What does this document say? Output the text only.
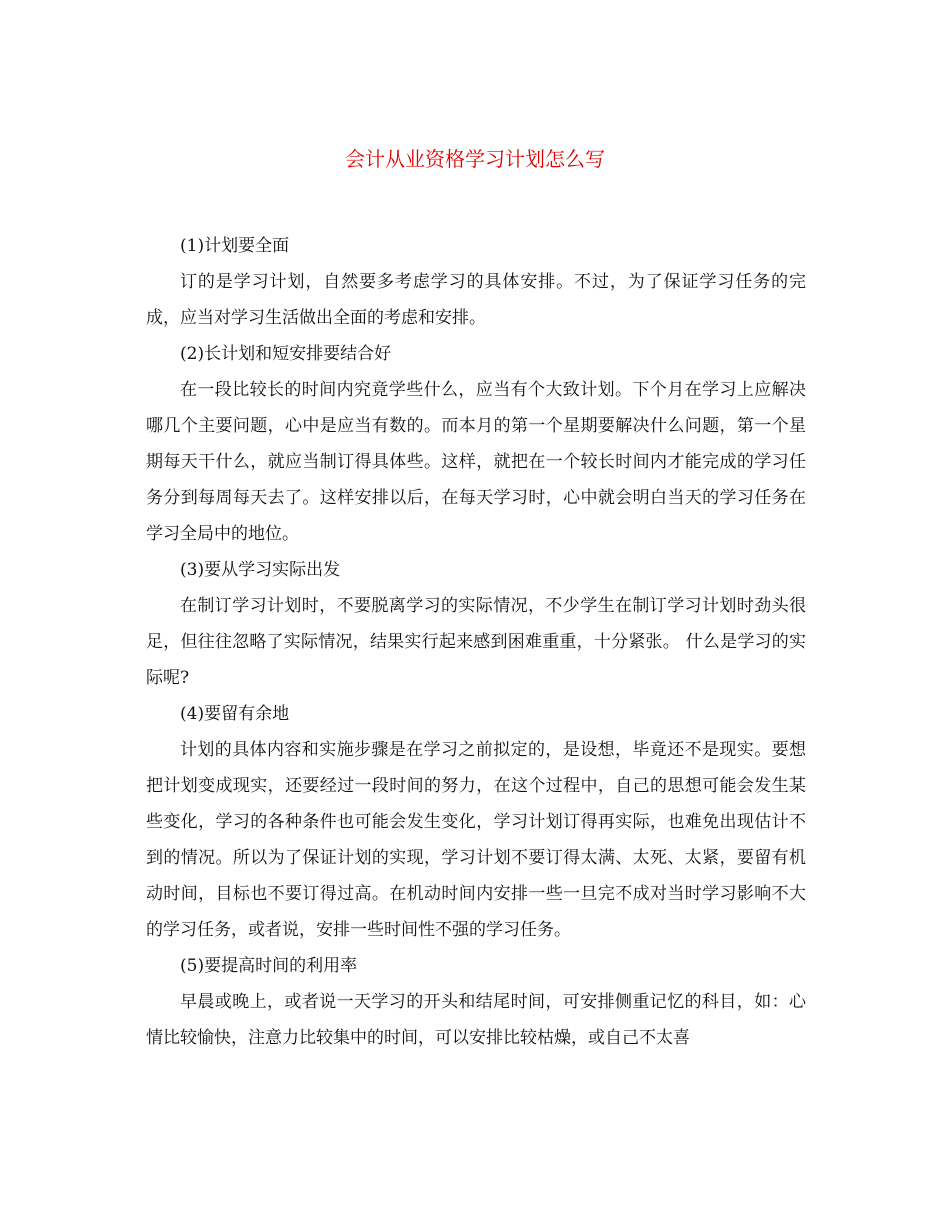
会计从业资格学习计划怎么写

(1)计划要全面

订的是学习计划，自然要多考虑学习的具体安排。不过，为了保证学习任务的完成，应当对学习生活做出全面的考虑和安排。

(2)长计划和短安排要结合好

在一段比较长的时间内究竟学些什么，应当有个大致计划。下个月在学习上应解决哪几个主要问题，心中是应当有数的。而本月的第一个星期要解决什么问题，第一个星期每天干什么，就应当制订得具体些。这样，就把在一个较长时间内才能完成的学习任务分到每周每天去了。这样安排以后，在每天学习时，心中就会明白当天的学习任务在学习全局中的地位。

(3)要从学习实际出发

在制订学习计划时，不要脱离学习的实际情况，不少学生在制订学习计划时劲头很足，但往往忽略了实际情况，结果实行起来感到困难重重，十分紧张。 什么是学习的实际呢?

(4)要留有余地

计划的具体内容和实施步骤是在学习之前拟定的，是设想，毕竟还不是现实。要想把计划变成现实，还要经过一段时间的努力，在这个过程中，自己的思想可能会发生某些变化，学习的各种条件也可能会发生变化，学习计划订得再实际，也难免出现估计不到的情况。所以为了保证计划的实现，学习计划不要订得太满、太死、太紧，要留有机动时间，目标也不要订得过高。在机动时间内安排一些一旦完不成对当时学习影响不大的学习任务，或者说，安排一些时间性不强的学习任务。

(5)要提高时间的利用率

早晨或晚上，或者说一天学习的开头和结尾时间，可安排侧重记忆的科目，如：心情比较愉快，注意力比较集中的时间，可以安排比较枯燥，或自己不太喜
